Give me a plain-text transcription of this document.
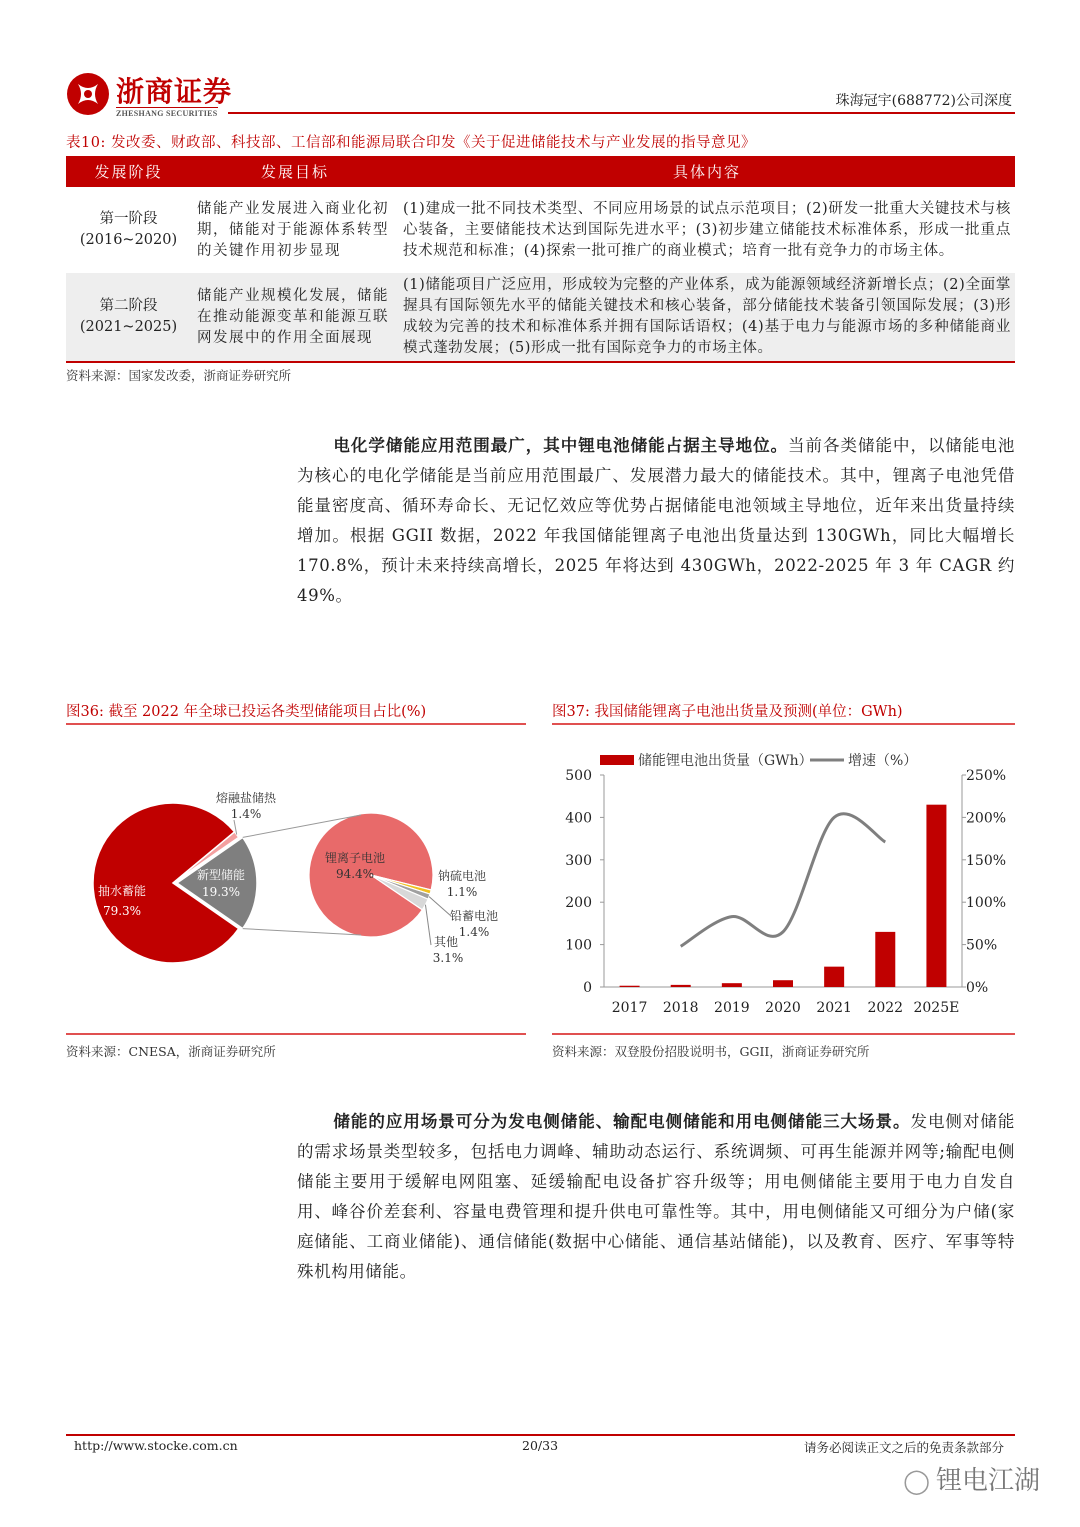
浙商证券
ZHESHANG SECURITIES
珠海冠宇(688772)公司深度
表10: 发改委、财政部、科技部、工信部和能源局联合印发《关于促进储能技术与产业发展的指导意见》
发展阶段	发展目标	具体内容

第一阶段
(2016~2020)	储能产业发展进入商业化初期，储能对于能源体系转型的关键作用初步显现	(1)建成一批不同技术类型、不同应用场景的试点示范项目；(2)研发一批重大关键技术与核心装备，主要储能技术达到国际先进水平；(3)初步建立储能技术标准体系，形成一批重点技术规范和标准；(4)探索一批可推广的商业模式；培育一批有竞争力的市场主体。

第二阶段
(2021~2025)	储能产业规模化发展，储能在推动能源变革和能源互联网发展中的作用全面展现	(1)储能项目广泛应用，形成较为完整的产业体系，成为能源领域经济新增长点；(2)全面掌握具有国际领先水平的储能关键技术和核心装备，部分储能技术装备引领国际发展；(3)形成较为完善的技术和标准体系并拥有国际话语权；(4)基于电力与能源市场的多种储能商业模式蓬勃发展；(5)形成一批有国际竞争力的市场主体。
资料来源：国家发改委，浙商证券研究所
电化学储能应用范围最广，其中锂电池储能占据主导地位。当前各类储能中，以储能电池为核心的电化学储能是当前应用范围最广、发展潜力最大的储能技术。其中，锂离子电池凭借能量密度高、循环寿命长、无记忆效应等优势占据储能电池领域主导地位，近年来出货量持续增加。根据 GGII 数据，2022 年我国储能锂离子电池出货量达到 130GWh，同比大幅增长 170.8%，预计未来持续高增长，2025 年将达到 430GWh，2022-2025 年 3 年 CAGR 约 49%。
图36: 截至 2022 年全球已投运各类型储能项目占比(%)
抽水蓄能
79.3%
熔融盐储热
1.4%
新型储能
19.3%
锂离子电池
94.4%	钠硫电池
1.1%
铅蓄电池
1.4%
其他
3.1%
资料来源：CNESA，浙商证券研究所
图37: 我国储能锂离子电池出货量及预测(单位：GWh)
储能锂电池出货量（GWh）	增速（%）
0
100
200
300
400
500
0%
50%
100%
150%
200%
250%
2017 2018 2019 2020 2021 2022 2025E
资料来源：双登股份招股说明书，GGII，浙商证券研究所
储能的应用场景可分为发电侧储能、输配电侧储能和用电侧储能三大场景。发电侧对储能的需求场景类型较多，包括电力调峰、辅助动态运行、系统调频、可再生能源并网等;输配电侧储能主要用于缓解电网阻塞、延缓输配电设备扩容升级等；用电侧储能主要用于电力自发自用、峰谷价差套利、容量电费管理和提升供电可靠性等。其中，用电侧储能又可细分为户储(家庭储能、工商业储能)、通信储能(数据中心储能、通信基站储能)，以及教育、医疗、军事等特殊机构用储能。
http://www.stocke.com.cn	20/33	请务必阅读正文之后的免责条款部分
◯ 锂电江湖
